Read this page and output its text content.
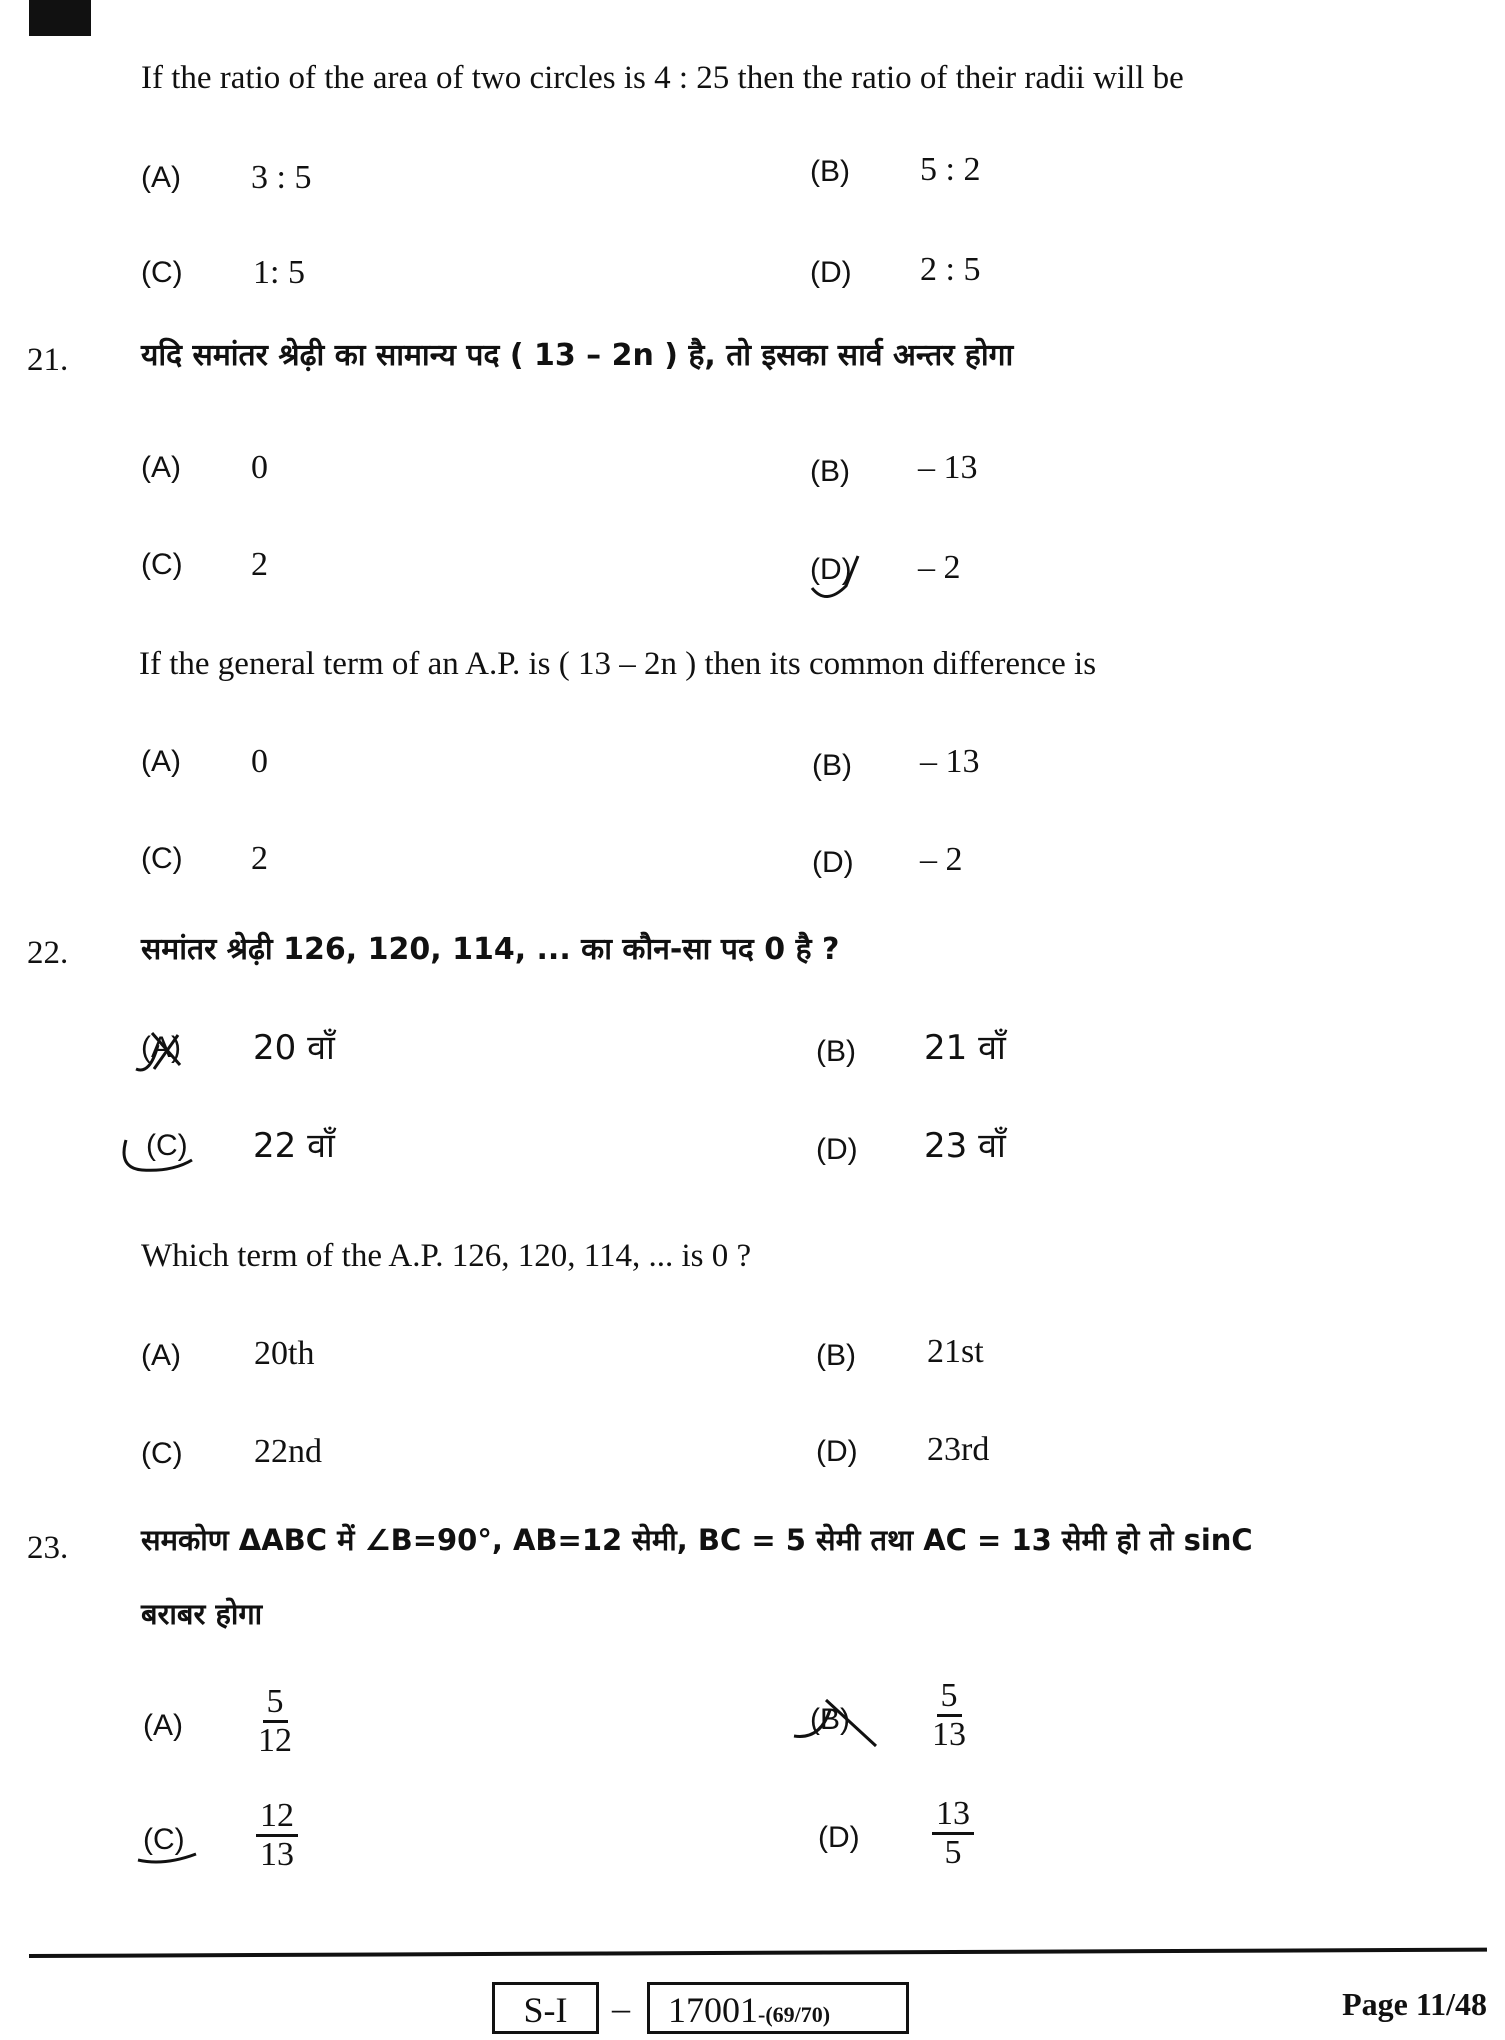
If the ratio of the area of two circles is 4 : 25 then the ratio of their radii will be
(A) 3 : 5	(B) 5 : 2
(C) 1: 5	(D) 2 : 5
21. यदि समांतर श्रेढ़ी का सामान्य पद ( 13 – 2n ) है, तो इसका सार्व अन्तर होगा
(A) 0	(B) – 13
(C) 2	(D) – 2
If the general term of an A.P. is ( 13 – 2n ) then its common difference is
(A) 0	(B) – 13
(C) 2	(D) – 2
22. समांतर श्रेढ़ी 126, 120, 114, ... का कौन-सा पद 0 है ?
(A) 20 वाँ	(B) 21 वाँ
(C) 22 वाँ	(D) 23 वाँ
Which term of the A.P. 126, 120, 114, ... is 0 ?
(A) 20th	(B) 21st
(C) 22nd	(D) 23rd
23.	समकोण ΔABC में ∠B=90°, AB=12 सेमी, BC = 5 सेमी तथा AC = 13 सेमी हो तो sinC
बराबर होगा
$(A) \frac{5}{12}$	$(B) \frac{5}{13}$
$(C) \frac{12}{13}$	$(D) \frac{13}{5}$
S-I	–	17001-(69/70)	Page 11/48
